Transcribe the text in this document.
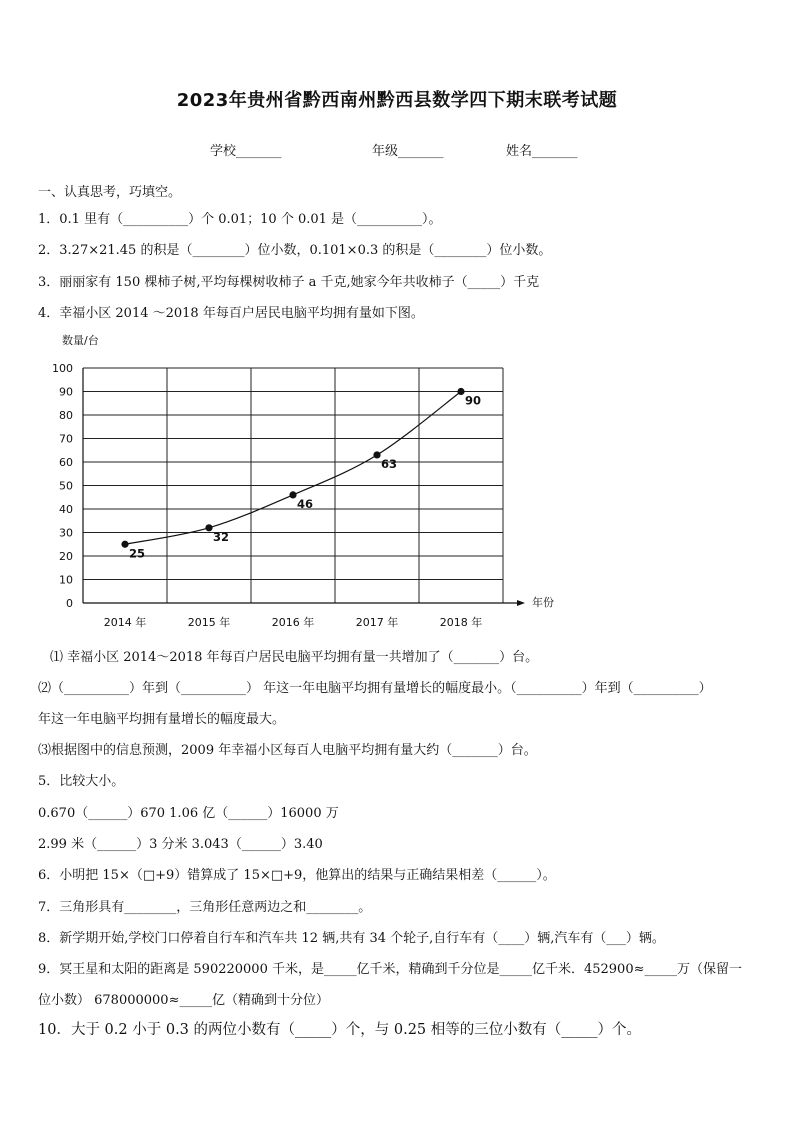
2023年贵州省黔西南州黔西县数学四下期末联考试题
学校_______	年级_______	姓名_______
一、认真思考，巧填空。
1．0.1 里有（__________）个 0.01；10 个 0.01 是（__________）。
2．3.27×21.45 的积是（________）位小数，0.101×0.3 的积是（________）位小数。
3．丽丽家有 150 棵柿子树,平均每棵树收柿子 a 千克,她家今年共收柿子（_____）千克
4．幸福小区 2014 ～2018 年每百户居民电脑平均拥有量如下图。
0
10
20
30
40
50
60
70
80
90
100
2014 年	2015 年	2016 年	2017 年	2018 年
25
32
46
63
90
数量/台
年份
⑴ 幸福小区 2014～2018 年每百户居民电脑平均拥有量一共增加了（_______）台。
⑵（__________）年到（__________） 年这一年电脑平均拥有量增长的幅度最小。（__________）年到（__________）
年这一年电脑平均拥有量增长的幅度最大。
⑶根据图中的信息预测，2009 年幸福小区每百人电脑平均拥有量大约（_______）台。
5．比较大小。
0.670（______）670 1.06 亿（______）16000 万
2.99 米（______）3 分米 3.043（______）3.40
6．小明把 15×（□+9）错算成了 15×□+9，他算出的结果与正确结果相差（______）。
7．三角形具有________，三角形任意两边之和________。
8．新学期开始,学校门口停着自行车和汽车共 12 辆,共有 34 个轮子,自行车有（____）辆,汽车有（___）辆。
9．冥王星和太阳的距离是 590220000 千米，是_____亿千米，精确到千分位是_____亿千米．452900≈_____万（保留一
位小数） 678000000≈_____亿（精确到十分位）
10．大于 0.2 小于 0.3 的两位小数有（_____）个，与 0.25 相等的三位小数有（_____）个。
